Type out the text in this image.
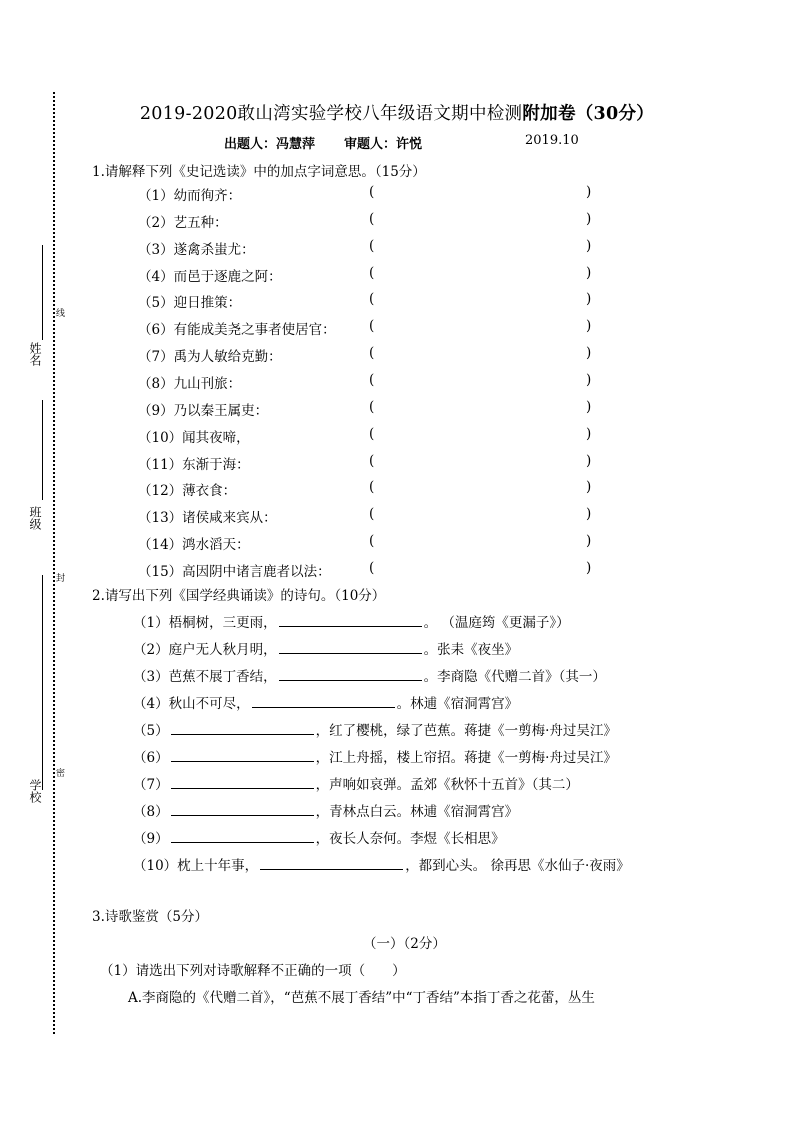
姓名
班级
学校
线
封
密
2019-2020敢山湾实验学校八年级语文期中检测附加卷（30分）
出题人：冯慧萍 审题人：许悦	2019.10
1.请解释下列《史记选读》中的加点字词意思。（15分）
（1）幼而徇齐：	(	)
（2）艺五种：	(	)
（3）遂禽杀蚩尤：	(	)
（4）而邑于逐鹿之阿：	(	)
（5）迎日推策：	(	)
（6）有能成美尧之事者使居官： (	)
（7）禹为人敏给克勤：	(	)
（8）九山刊旅：	(	)
（9）乃以秦王属吏：	(	)
（10）闻其夜啼，	(	)
（11）东渐于海：	(	)
（12）薄衣食：	(	)
（13）诸侯咸来宾从：	(	)
（14）鸿水滔天：	(	)
（15）高因阴中诸言鹿者以法：	(	)
2.请写出下列《国学经典诵读》的诗句。（10分）
（1）梧桐树，三更雨，	。 （温庭筠《更漏子》）
（2）庭户无人秋月明，	。张耒《夜坐》
（3）芭蕉不展丁香结，	。李商隐《代赠二首》（其一）
（4）秋山不可尽，	。林逋《宿洞霄宫》
（5）	，红了樱桃，绿了芭蕉。蒋捷《一剪梅·舟过吴江》
（6）	，江上舟摇，楼上帘招。蒋捷《一剪梅·舟过吴江》
（7）	，声响如哀弹。孟郊《秋怀十五首》（其二）
（8）	，青林点白云。林逋《宿洞霄宫》
（9）	，夜长人奈何。李煜《长相思》
（10）枕上十年事，	，都到心头。 徐再思《水仙子·夜雨》
3.诗歌鉴赏（5分）
（一）（2分）
（1）请选出下列对诗歌解释不正确的一项（　　）
A.李商隐的《代赠二首》，“芭蕉不展丁香结”中“丁香结”本指丁香之花蕾，丛生
